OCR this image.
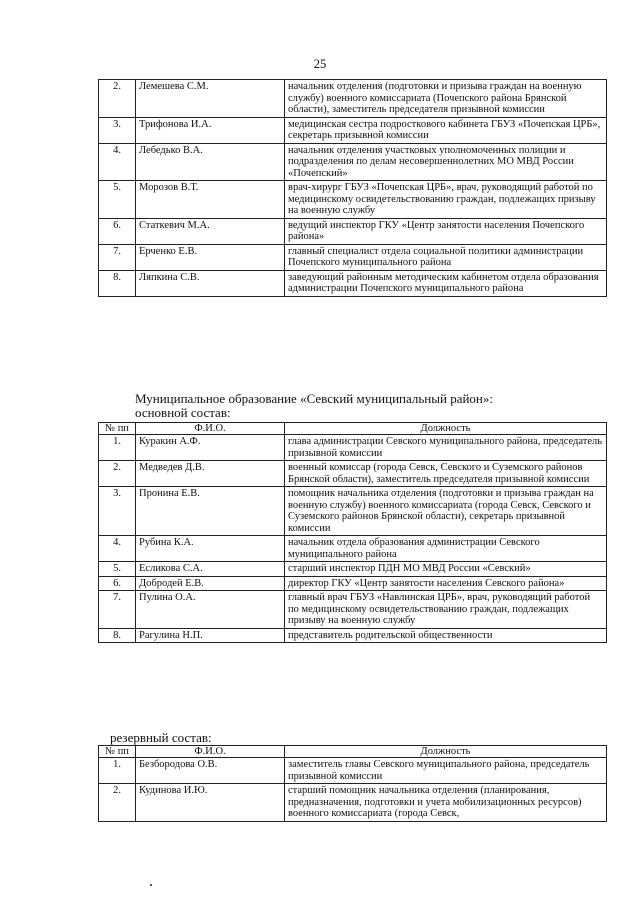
25
2.	Лемешева С.М.	начальник отделения (подготовки и призыва граждан на военную службу) военного комиссариата (Почепского района Брянской области), заместитель председателя призывной комиссии
3.	Трифонова И.А.	медицинская сестра подросткового кабинета ГБУЗ «Почепская ЦРБ», секретарь призывной комиссии
4.	Лебедько В.А.	начальник отделения участковых уполномоченных полиции и подразделения по делам несовершеннолетних МО МВД России «Почепский»
5.	Морозов В.Т.	врач-хирург ГБУЗ «Почепская ЦРБ», врач, руководящий работой по медицинскому освидетельствованию граждан, подлежащих призыву на военную службу
6.	Статкевич М.А.	ведущий инспектор ГКУ «Центр занятости населения Почепского района»
7.	Ерченко Е.В.	главный специалист отдела социальной политики администрации Почепского муниципального района
8.	Ляпкина С.В.	заведующий районным методическим кабинетом отдела образования администрации Почепского муниципального района
Муниципальное образование «Севский муниципальный район»:
основной состав:
№ пп	Ф.И.О.	Должность
1.	Куракин А.Ф.	глава администрации Севского муниципального района, председатель призывной комиссии
2.	Медведев Д.В.	военный комиссар (города Севск, Севского и Суземского районов Брянской области), заместитель председателя призывной комиссии
3.	Пронина Е.В.	помощник начальника отделения (подготовки и призыва граждан на военную службу) военного комиссариата (города Севск, Севского и Суземского районов Брянской области), секретарь призывной комиссии
4.	Рубина К.А.	начальник отдела образования администрации Севского муниципального района
5.	Есликова С.А.	старший инспектор ПДН МО МВД России «Севский»
6.	Добродей Е.В.	директор ГКУ «Центр занятости населения Севского района»
7.	Пулина О.А.	главный врач ГБУЗ «Навлинская ЦРБ», врач, руководящий работой по медицинскому освидетельствованию граждан, подлежащих призыву на военную службу
8.	Рагулина Н.П.	представитель родительской общественности
резервный состав:
№ пп	Ф.И.О.	Должность
1.	Безбородова О.В.	заместитель главы Севского муниципального района, председатель призывной комиссии
2.	Кудинова И.Ю.	старший помощник начальника отделения (планирования, предназначения, подготовки и учета мобилизационных ресурсов) военного комиссариата (города Севск,
